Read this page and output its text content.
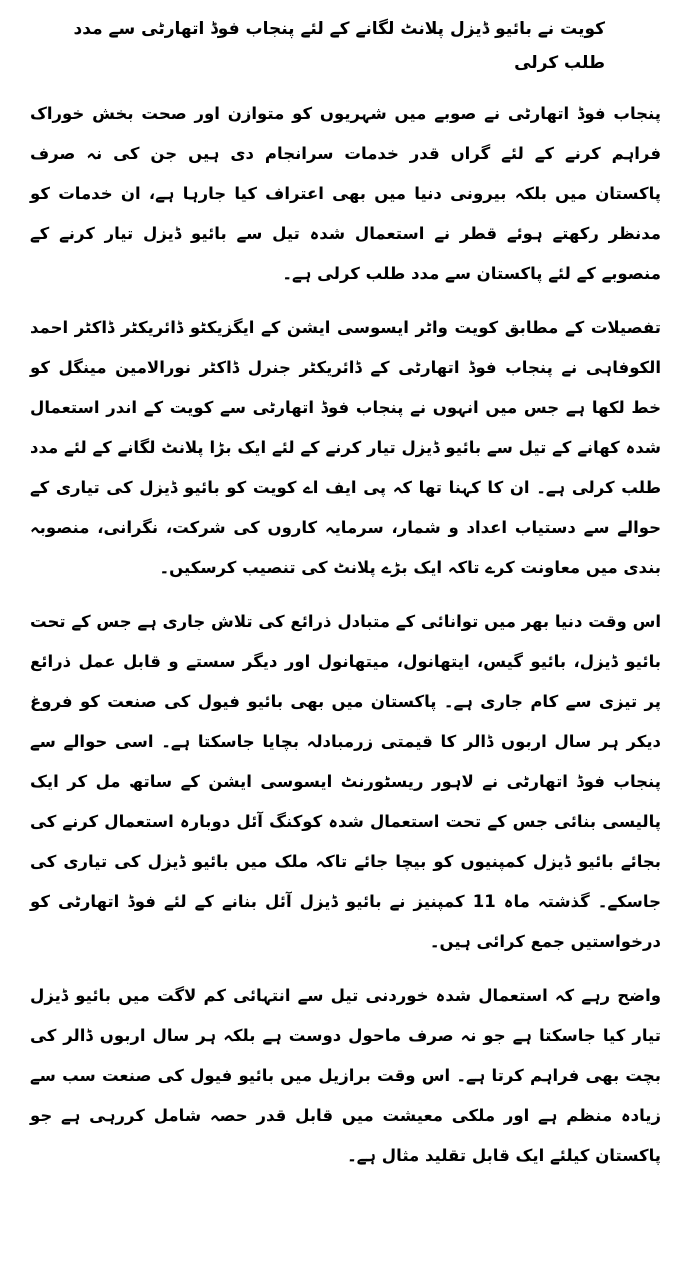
کویت نے بائیو ڈیزل پلانٹ لگانے کے لئے پنجاب فوڈ اتھارٹی سے مدد طلب کرلی

پنجاب فوڈ اتھارٹی نے صوبے میں شہریوں کو متوازن اور صحت بخش خوراک فراہم کرنے کے لئے گراں قدر خدمات سرانجام دی ہیں جن کی نہ صرف پاکستان میں بلکہ بیرونی دنیا میں بھی اعتراف کیا جارہا ہے، ان خدمات کو مدنظر رکھتے ہوئے قطر نے استعمال شدہ تیل سے بائیو ڈیزل تیار کرنے کے منصوبے کے لئے پاکستان سے مدد طلب کرلی ہے۔

تفصیلات کے مطابق کویت واٹر ایسوسی ایشن کے ایگزیکٹو ڈائریکٹر ڈاکٹر احمد الکوفاہی نے پنجاب فوڈ اتھارٹی کے ڈائریکٹر جنرل ڈاکٹر نورالامین مینگل کو خط لکھا ہے جس میں انہوں نے پنجاب فوڈ اتھارٹی سے کویت کے اندر استعمال شدہ کھانے کے تیل سے بائیو ڈیزل تیار کرنے کے لئے ایک بڑا پلانٹ لگانے کے لئے مدد طلب کرلی ہے۔ ان کا کہنا تھا کہ پی ایف اے کویت کو بائیو ڈیزل کی تیاری کے حوالے سے دستیاب اعداد و شمار، سرمایہ کاروں کی شرکت، نگرانی، منصوبہ بندی میں معاونت کرے تاکہ ایک بڑے پلانٹ کی تنصیب کرسکیں۔

اس وقت دنیا بھر میں توانائی کے متبادل ذرائع کی تلاش جاری ہے جس کے تحت بائیو ڈیزل، بائیو گیس، ایتھانول، میتھانول اور دیگر سستے و قابل عمل ذرائع پر تیزی سے کام جاری ہے۔ پاکستان میں بھی بائیو فیول کی صنعت کو فروغ دیکر ہر سال اربوں ڈالر کا قیمتی زرمبادلہ بچایا جاسکتا ہے۔ اسی حوالے سے پنجاب فوڈ اتھارٹی نے لاہور ریسٹورنٹ ایسوسی ایشن کے ساتھ مل کر ایک پالیسی بنائی جس کے تحت استعمال شدہ کوکنگ آئل دوبارہ استعمال کرنے کی بجائے بائیو ڈیزل کمپنیوں کو بیچا جائے تاکہ ملک میں بائیو ڈیزل کی تیاری کی جاسکے۔ گذشتہ ماہ 11 کمپنیز نے بائیو ڈیزل آئل بنانے کے لئے فوڈ اتھارٹی کو درخواستیں جمع کرائی ہیں۔

واضح رہے کہ استعمال شدہ خوردنی تیل سے انتہائی کم لاگت میں بائیو ڈیزل تیار کیا جاسکتا ہے جو نہ صرف ماحول دوست ہے بلکہ ہر سال اربوں ڈالر کی بچت بھی فراہم کرتا ہے۔ اس وقت برازیل میں بائیو فیول کی صنعت سب سے زیادہ منظم ہے اور ملکی معیشت میں قابل قدر حصہ شامل کررہی ہے جو پاکستان کیلئے ایک قابل تقلید مثال ہے۔
